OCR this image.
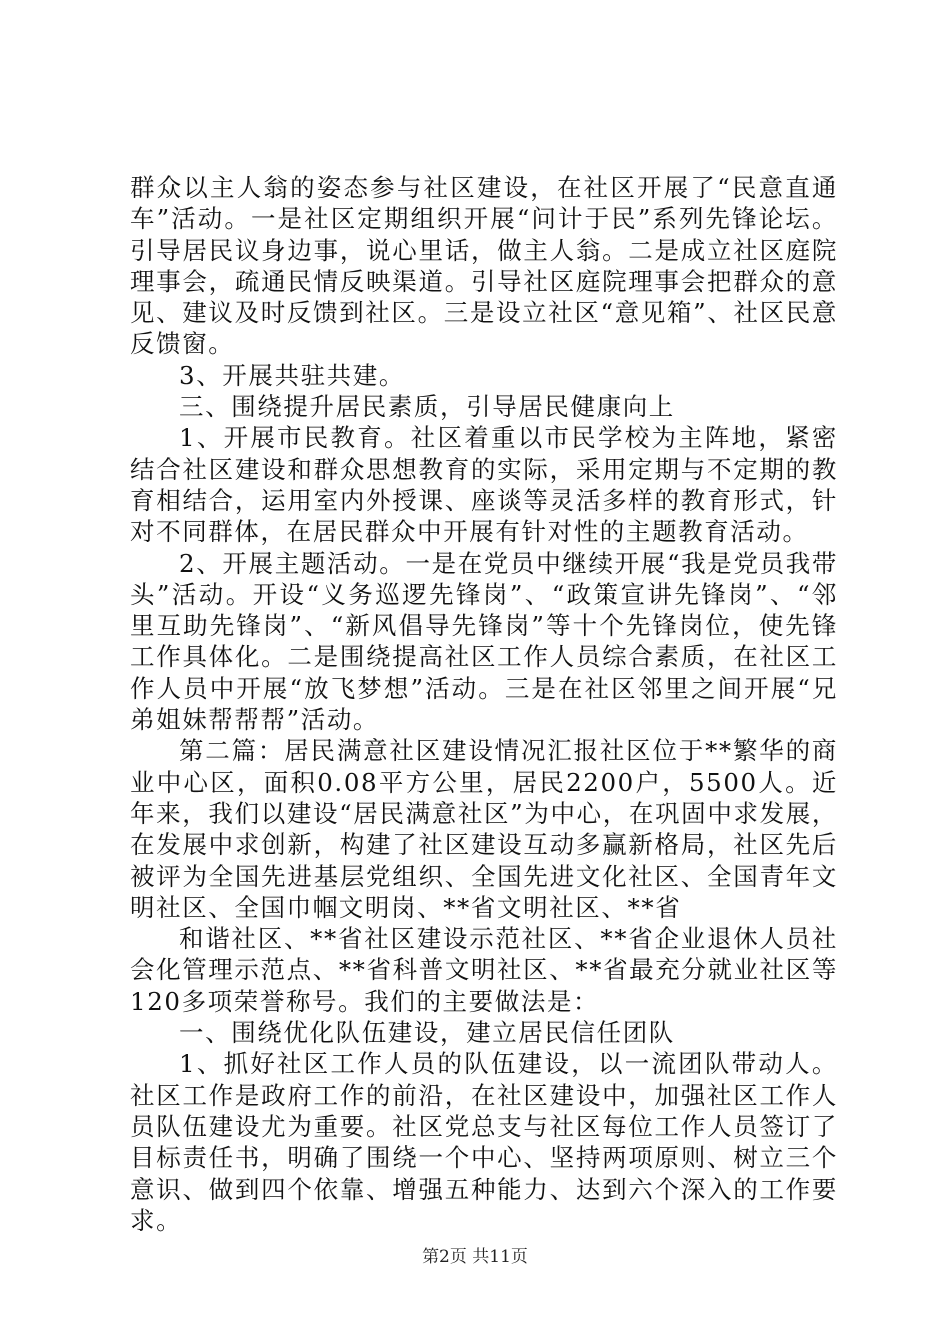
群众以主人翁的姿态参与社区建设，在社区开展了“民意直通车”活动。一是社区定期组织开展“问计于民”系列先锋论坛。引导居民议身边事，说心里话，做主人翁。二是成立社区庭院理事会，疏通民情反映渠道。引导社区庭院理事会把群众的意见、建议及时反馈到社区。三是设立社区“意见箱”、社区民意反馈窗。

3、开展共驻共建。

三、围绕提升居民素质，引导居民健康向上

1、开展市民教育。社区着重以市民学校为主阵地，紧密结合社区建设和群众思想教育的实际，采用定期与不定期的教育相结合，运用室内外授课、座谈等灵活多样的教育形式，针对不同群体，在居民群众中开展有针对性的主题教育活动。

2、开展主题活动。一是在党员中继续开展“我是党员我带头”活动。开设“义务巡逻先锋岗”、“政策宣讲先锋岗”、“邻里互助先锋岗”、“新风倡导先锋岗”等十个先锋岗位，使先锋工作具体化。二是围绕提高社区工作人员综合素质，在社区工作人员中开展“放飞梦想”活动。三是在社区邻里之间开展“兄弟姐妹帮帮帮”活动。

第二篇：居民满意社区建设情况汇报社区位于**繁华的商业中心区，面积0.08平方公里，居民2200户，5500人。近年来，我们以建设“居民满意社区”为中心，在巩固中求发展，在发展中求创新，构建了社区建设互动多赢新格局，社区先后被评为全国先进基层党组织、全国先进文化社区、全国青年文明社区、全国巾帼文明岗、**省文明社区、**省

和谐社区、**省社区建设示范社区、**省企业退休人员社会化管理示范点、**省科普文明社区、**省最充分就业社区等120多项荣誉称号。我们的主要做法是：

一、围绕优化队伍建设，建立居民信任团队

1、抓好社区工作人员的队伍建设，以一流团队带动人。社区工作是政府工作的前沿，在社区建设中，加强社区工作人员队伍建设尤为重要。社区党总支与社区每位工作人员签订了目标责任书，明确了围绕一个中心、坚持两项原则、树立三个意识、做到四个依靠、增强五种能力、达到六个深入的工作要求。

第2页 共11页
